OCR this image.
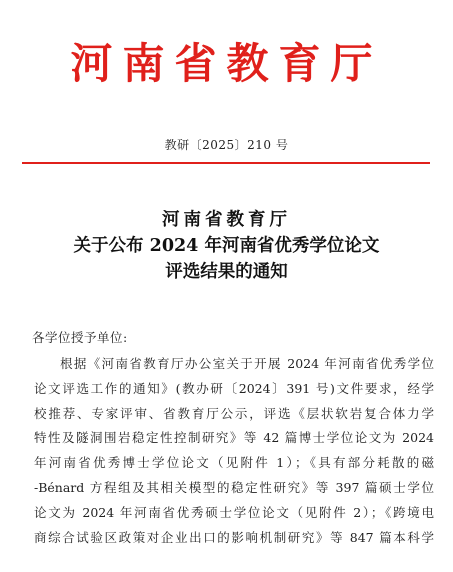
河南省教育厅
教研〔2025〕210 号
河南省教育厅
关于公布 2024 年河南省优秀学位论文
评选结果的通知
各学位授予单位:
根据《河南省教育厅办公室关于开展 2024 年河南省优秀学位
论文评选工作的通知》(教办研〔2024〕391 号)文件要求，经学
校推荐、专家评审、省教育厅公示，评选《层状软岩复合体力学
特性及隧洞围岩稳定性控制研究》等 42 篇博士学位论文为 2024
年河南省优秀博士学位论文（见附件 1）；《具有部分耗散的磁
-Bénard 方程组及其相关模型的稳定性研究》等 397 篇硕士学位
论文为 2024 年河南省优秀硕士学位论文（见附件 2）；《跨境电
商综合试验区政策对企业出口的影响机制研究》等 847 篇本科学
